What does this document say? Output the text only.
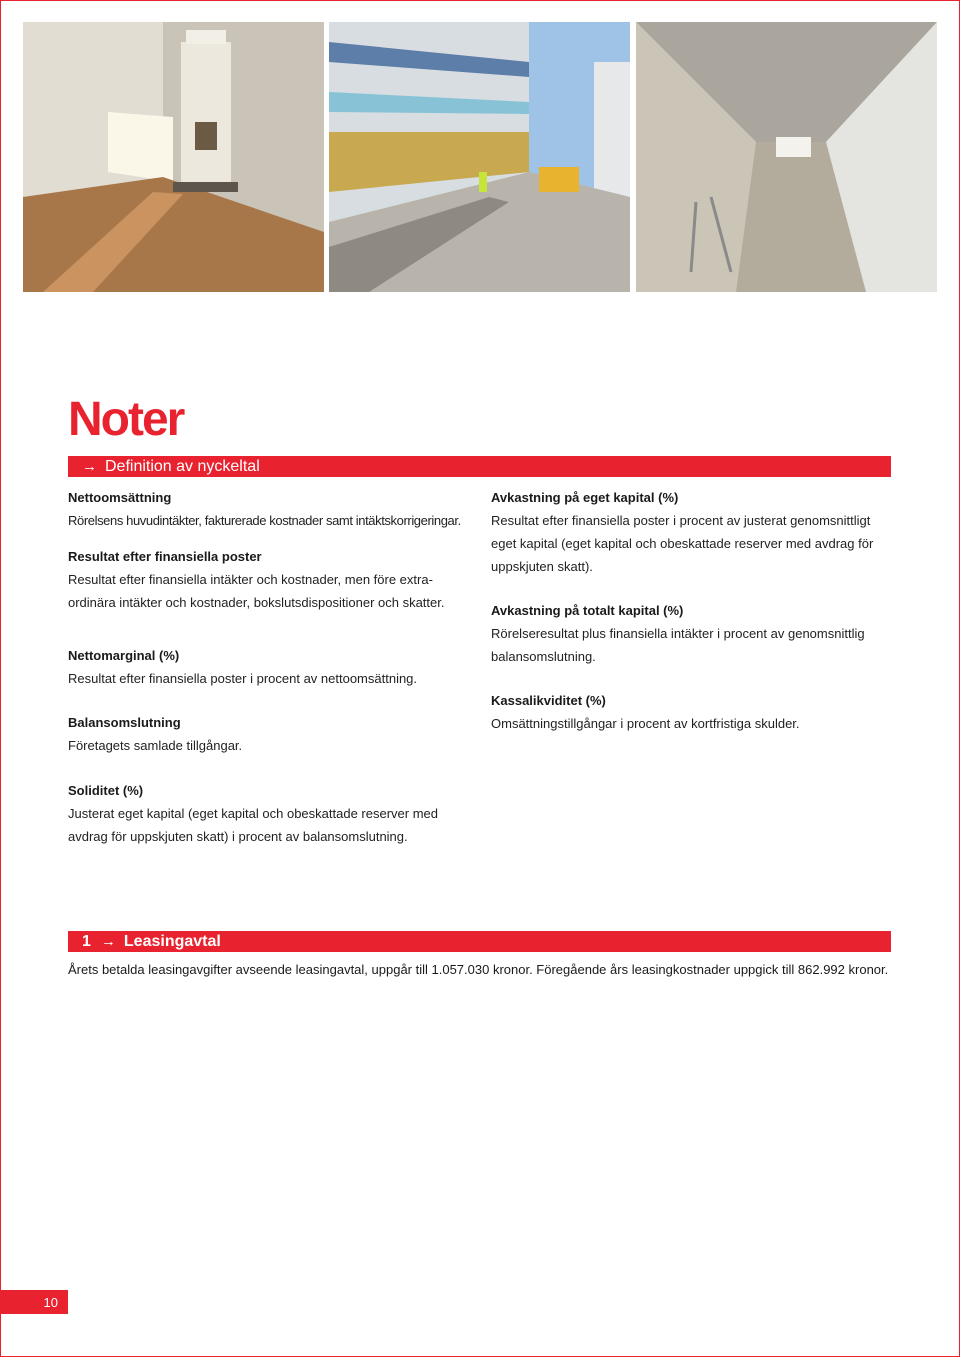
Noter
→ Definition av nyckeltal
Nettoomsättning
Rörelsens huvudintäkter, fakturerade kostnader samt intäktskorrigeringar.
Resultat efter finansiella poster
Resultat efter finansiella intäkter och kostnader, men före extra-ordinära intäkter och kostnader, bokslutsdispositioner och skatter.
Nettomarginal (%)
Resultat efter finansiella poster i procent av nettoomsättning.
Balansomslutning
Företagets samlade tillgångar.
Avkastning på eget kapital (%)
Resultat efter finansiella poster i procent av justerat genomsnittligt eget kapital (eget kapital och obeskattade reserver med avdrag för uppskjuten skatt).
Avkastning på totalt kapital (%)
Rörelseresultat plus finansiella intäkter i procent av genomsnittlig balansomslutning.
Kassalikviditet (%)
Omsättningstillgångar i procent av kortfristiga skulder.
Soliditet (%)
Justerat eget kapital (eget kapital och obeskattade reserver med avdrag för uppskjuten skatt) i procent av balansomslutning.
1 → Leasingavtal
Årets betalda leasingavgifter avseende leasingavtal, uppgår till 1.057.030 kronor. Föregående års leasingkostnader uppgick till 862.992 kronor.
10
